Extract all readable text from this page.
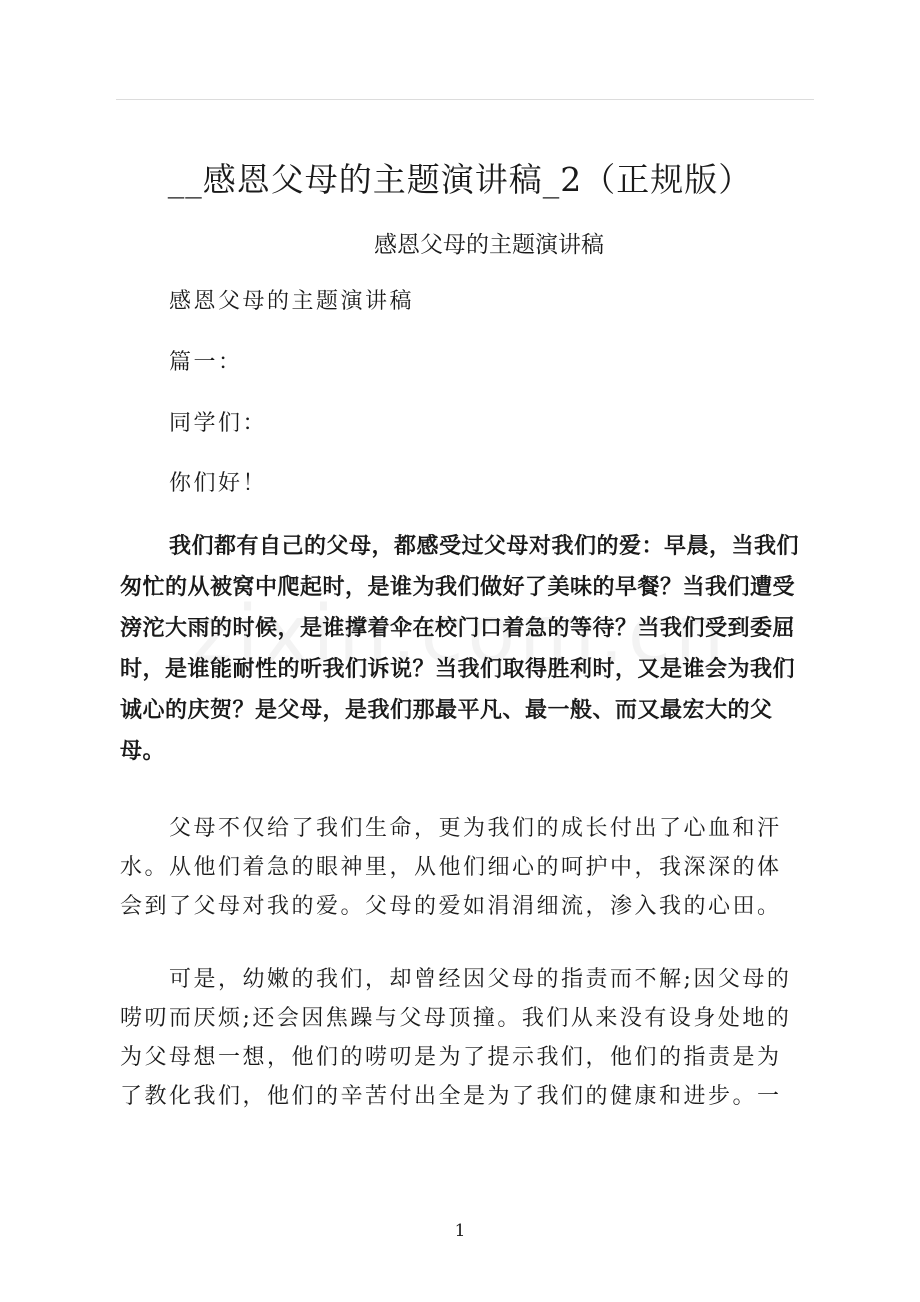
__感恩父母的主题演讲稿_2（正规版）
感恩父母的主题演讲稿

感恩父母的主题演讲稿

篇一：

同学们：

你们好！

我们都有自己的父母，都感受过父母对我们的爱：早晨，当我们匆忙的从被窝中爬起时，是谁为我们做好了美味的早餐？当我们遭受滂沱大雨的时候，是谁撑着伞在校门口着急的等待？当我们受到委屈时，是谁能耐性的听我们诉说？当我们取得胜利时，又是谁会为我们诚心的庆贺？是父母，是我们那最平凡、最一般、而又最宏大的父母。

父母不仅给了我们生命，更为我们的成长付出了心血和汗水。从他们着急的眼神里，从他们细心的呵护中，我深深的体会到了父母对我的爱。父母的爱如涓涓细流，渗入我的心田。

可是，幼嫩的我们，却曾经因父母的指责而不解;因父母的唠叨而厌烦;还会因焦躁与父母顶撞。我们从来没有设身处地的为父母想一想，他们的唠叨是为了提示我们，他们的指责是为了教化我们，他们的辛苦付出全是为了我们的健康和进步。一

1
